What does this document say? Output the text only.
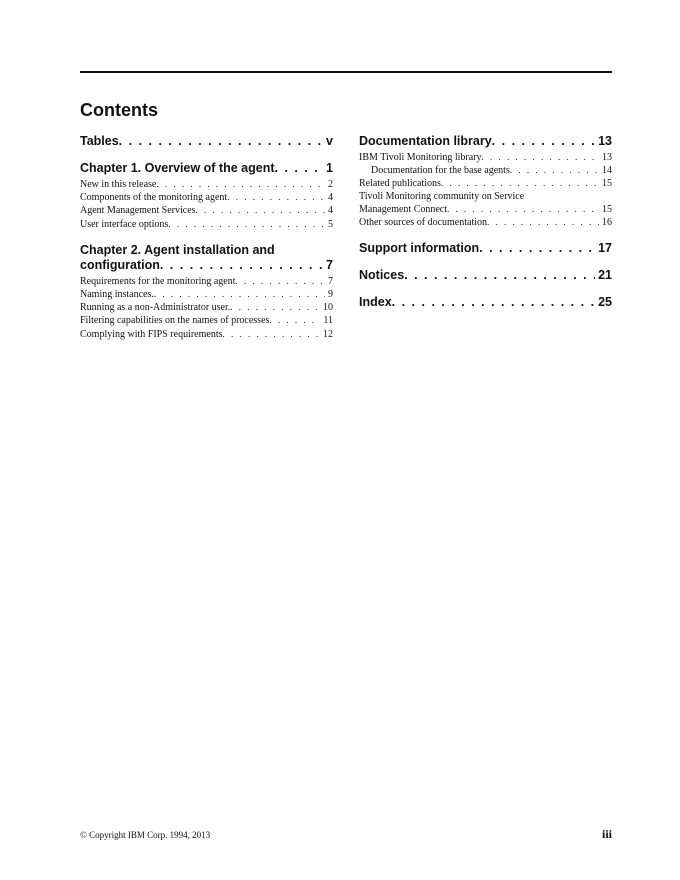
Contents
Tables . . .	v
Chapter 1. Overview of the agent . . .	1
New in this release . . .	2
Components of the monitoring agent . . .	4
Agent Management Services . . .	4
User interface options . . .	5
Chapter 2. Agent installation and
configuration . . .	7
Requirements for the monitoring agent . . .	7
Naming instances. . . .	9
Running as a non-Administrator user. . . .	10
Filtering capabilities on the names of processes . . .	11
Complying with FIPS requirements . . .	12
Documentation library . . .	13
IBM Tivoli Monitoring library . . .	13
Documentation for the base agents . . .	14
Related publications . . .	15
Tivoli Monitoring community on Service
Management Connect . . .	15
Other sources of documentation . . .	16
Support information . . .	17
Notices . . .	21
Index . . .	25
© Copyright IBM Corp. 1994, 2013	iii
